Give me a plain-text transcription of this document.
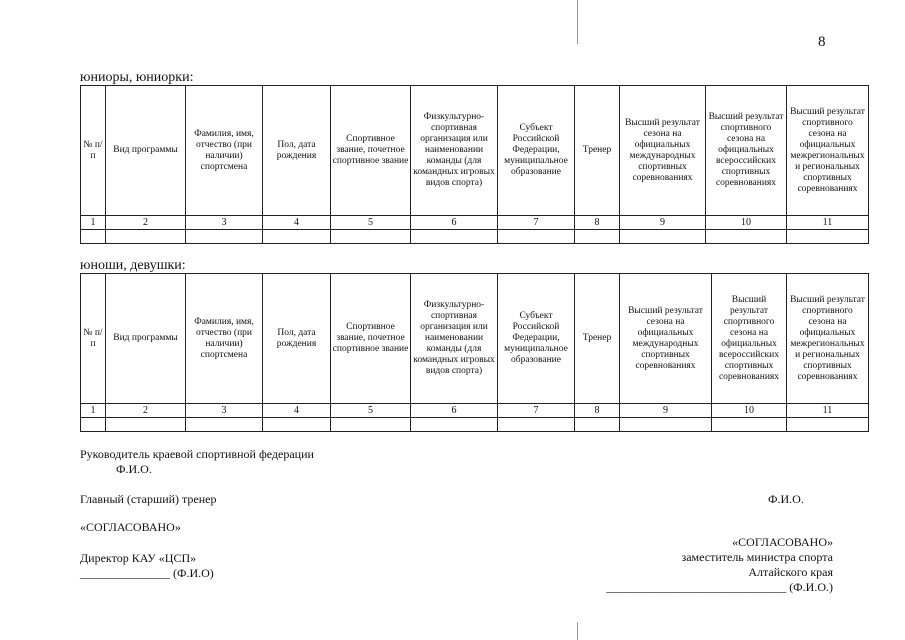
8
юниоры, юниорки:
№ п/п	Вид программы	Фамилия, имя, отчество (при наличии) спортсмена	Пол, дата рождения	Спортивное звание, почетное спортивное звание	Физкультурно-спортивная организация или наименовании команды (для командных игровых видов спорта)	Субъект Российской Федерации, муниципальное образование	Тренер	Высший результат сезона на официальных международных спортивных соревнованиях	Высший результат спортивного сезона на официальных всероссийских спортивных соревнованиях	Высший результат спортивного сезона на официальных межрегиональных и региональных спортивных соревнованиях
1	2	3	4	5	6	7	8	9	10	11

юноши, девушки:
№ п/п	Вид программы	Фамилия, имя, отчество (при наличии) спортсмена	Пол, дата рождения	Спортивное звание, почетное спортивное звание	Физкультурно-спортивная организация или наименовании команды (для командных игровых видов спорта)	Субъект Российской Федерации, муниципальное образование	Тренер	Высший результат сезона на официальных международных спортивных соревнованиях	Высший результат спортивного сезона на официальных всероссийских спортивных соревнованиях	Высший результат спортивного сезона на официальных межрегиональных и региональных спортивных соревнованиях
1	2	3	4	5	6	7	8	9	10	11

Руководитель краевой спортивной федерации
Ф.И.О.
Главный (старший) тренер	Ф.И.О.
«СОГЛАСОВАНО»
Директор КАУ «ЦСП»
_______________ (Ф.И.О)
«СОГЛАСОВАНО»
заместитель министра спорта
Алтайского края
______________________________ (Ф.И.О.)
